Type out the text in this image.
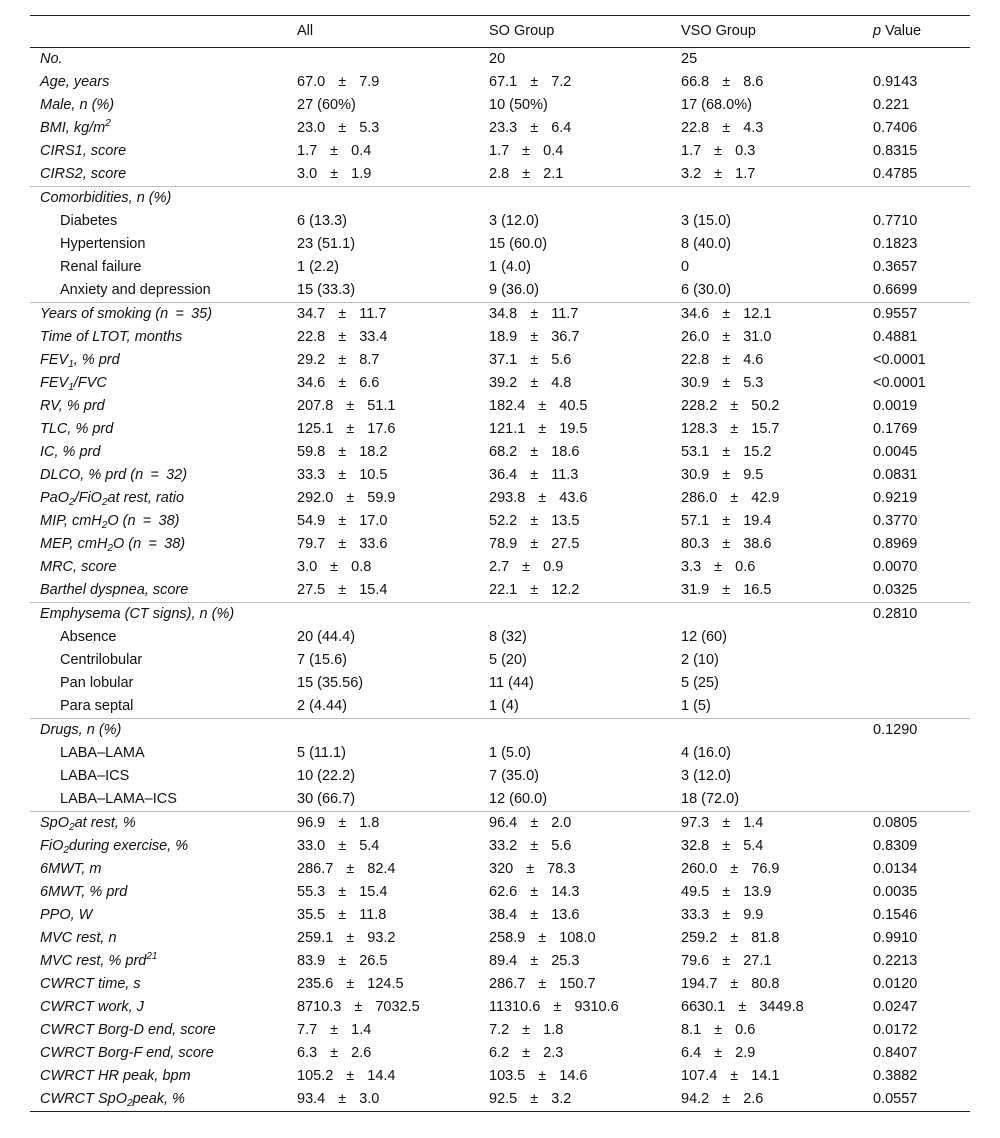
	All	SO Group	VSO Group	p Value
No.		20	25	
Age, years	67.0 ± 7.9	67.1 ± 7.2	66.8 ± 8.6	0.9143
Male, n (%)	27 (60%)	10 (50%)	17 (68.0%)	0.221
BMI, $kg/m^2$	23.0 ± 5.3	23.3 ± 6.4	22.8 ± 4.3	0.7406
CIRS1, score	1.7 ± 0.4	1.7 ± 0.4	1.7 ± 0.3	0.8315
CIRS2, score	3.0 ± 1.9	2.8 ± 2.1	3.2 ± 1.7	0.4785
Comorbidities, n (%)				
Diabetes	6 (13.3)	3 (12.0)	3 (15.0)	0.7710
Hypertension	23 (51.1)	15 (60.0)	8 (40.0)	0.1823
Renal failure	1 (2.2)	1 (4.0)	0	0.3657
Anxiety and depression	15 (33.3)	9 (36.0)	6 (30.0)	0.6699
Years of smoking (n = 35)	34.7 ± 11.7	34.8 ± 11.7	34.6 ± 12.1	0.9557
Time of LTOT, months	22.8 ± 33.4	18.9 ± 36.7	26.0 ± 31.0	0.4881
$FEV_1$, % prd	29.2 ± 8.7	37.1 ± 5.6	22.8 ± 4.6	<0.0001
$FEV_1$/FVC	34.6 ± 6.6	39.2 ± 4.8	30.9 ± 5.3	<0.0001
RV, % prd	207.8 ± 51.1	182.4 ± 40.5	228.2 ± 50.2	0.0019
TLC, % prd	125.1 ± 17.6	121.1 ± 19.5	128.3 ± 15.7	0.1769
IC, % prd	59.8 ± 18.2	68.2 ± 18.6	53.1 ± 15.2	0.0045
DLCO, % prd (n = 32)	33.3 ± 10.5	36.4 ± 11.3	30.9 ± 9.5	0.0831
PaO$_2$/FiO$_2$at rest, ratio	292.0 ± 59.9	293.8 ± 43.6	286.0 ± 42.9	0.9219
MIP, cmH$_2$O (n = 38)	54.9 ± 17.0	52.2 ± 13.5	57.1 ± 19.4	0.3770
MEP, cmH$_2$O (n = 38)	79.7 ± 33.6	78.9 ± 27.5	80.3 ± 38.6	0.8969
MRC, score	3.0 ± 0.8	2.7 ± 0.9	3.3 ± 0.6	0.0070
Barthel dyspnea, score	27.5 ± 15.4	22.1 ± 12.2	31.9 ± 16.5	0.0325
Emphysema (CT signs), n (%)				0.2810
Absence	20 (44.4)	8 (32)	12 (60)	
Centrilobular	7 (15.6)	5 (20)	2 (10)	
Pan lobular	15 (35.56)	11 (44)	5 (25)	
Para septal	2 (4.44)	1 (4)	1 (5)	
Drugs, n (%)				0.1290
LABA–LAMA	5 (11.1)	1 (5.0)	4 (16.0)	
LABA–ICS	10 (22.2)	7 (35.0)	3 (12.0)	
LABA–LAMA–ICS	30 (66.7)	12 (60.0)	18 (72.0)	
SpO$_2$at rest, %	96.9 ± 1.8	96.4 ± 2.0	97.3 ± 1.4	0.0805
FiO$_2$during exercise, %	33.0 ± 5.4	33.2 ± 5.6	32.8 ± 5.4	0.8309
6MWT, m	286.7 ± 82.4	320 ± 78.3	260.0 ± 76.9	0.0134
6MWT, % prd	55.3 ± 15.4	62.6 ± 14.3	49.5 ± 13.9	0.0035
PPO, W	35.5 ± 11.8	38.4 ± 13.6	33.3 ± 9.9	0.1546
MVC rest, n	259.1 ± 93.2	258.9 ± 108.0	259.2 ± 81.8	0.9910
MVC rest, % prd$^{21}$	83.9 ± 26.5	89.4 ± 25.3	79.6 ± 27.1	0.2213
CWRCT time, s	235.6 ± 124.5	286.7 ± 150.7	194.7 ± 80.8	0.0120
CWRCT work, J	8710.3 ± 7032.5	11310.6 ± 9310.6	6630.1 ± 3449.8	0.0247
CWRCT Borg-D end, score	7.7 ± 1.4	7.2 ± 1.8	8.1 ± 0.6	0.0172
CWRCT Borg-F end, score	6.3 ± 2.6	6.2 ± 2.3	6.4 ± 2.9	0.8407
CWRCT HR peak, bpm	105.2 ± 14.4	103.5 ± 14.6	107.4 ± 14.1	0.3882
CWRCT SpO$_2$peak, %	93.4 ± 3.0	92.5 ± 3.2	94.2 ± 2.6	0.0557
